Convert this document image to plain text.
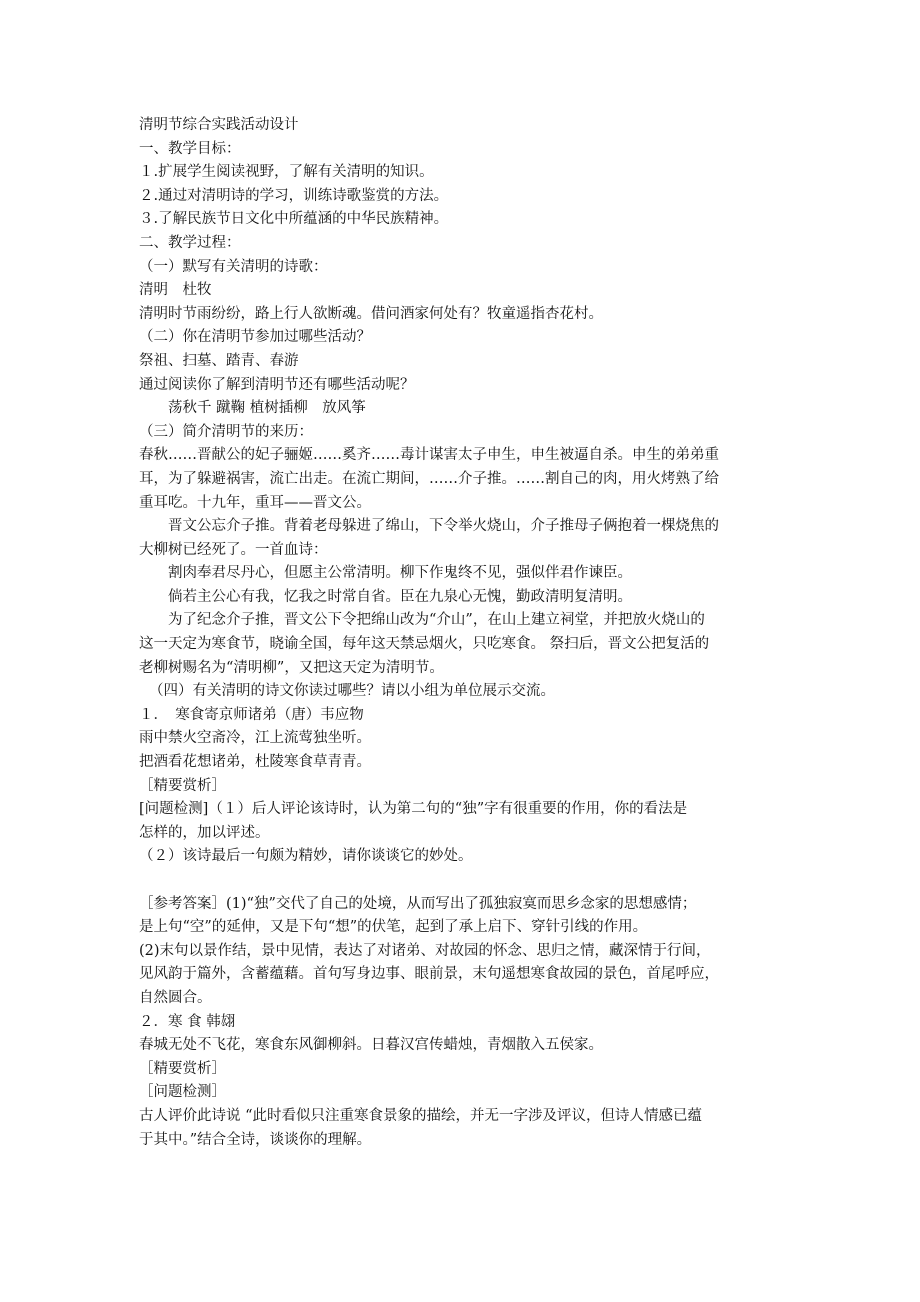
清明节综合实践活动设计
一、教学目标：
１.扩展学生阅读视野，了解有关清明的知识。
２.通过对清明诗的学习，训练诗歌鉴赏的方法。
３.了解民族节日文化中所蕴涵的中华民族精神。
二、教学过程：
（一）默写有关清明的诗歌：
清明　杜牧
清明时节雨纷纷，路上行人欲断魂。借问酒家何处有？牧童遥指杏花村。
（二）你在清明节参加过哪些活动？
祭祖、扫墓、踏青、春游
通过阅读你了解到清明节还有哪些活动呢？
荡秋千 蹴鞠 植树插柳　放风筝
（三）简介清明节的来历：
春秋……晋献公的妃子骊姬……奚齐……毒计谋害太子申生，申生被逼自杀。申生的弟弟重
耳，为了躲避祸害，流亡出走。在流亡期间，……介子推。……割自己的肉，用火烤熟了给
重耳吃。十九年，重耳——晋文公。
晋文公忘介子推。背着老母躲进了绵山，下令举火烧山，介子推母子俩抱着一棵烧焦的
大柳树已经死了。一首血诗：
割肉奉君尽丹心，但愿主公常清明。柳下作鬼终不见，强似伴君作谏臣。
倘若主公心有我，忆我之时常自省。臣在九泉心无愧，勤政清明复清明。
为了纪念介子推，晋文公下令把绵山改为“介山”，在山上建立祠堂，并把放火烧山的
这一天定为寒食节，晓谕全国，每年这天禁忌烟火，只吃寒食。 祭扫后，晋文公把复活的
老柳树赐名为“清明柳”，又把这天定为清明节。
（四）有关清明的诗文你读过哪些？请以小组为单位展示交流。
１．　寒食寄京师诸弟（唐）韦应物
雨中禁火空斋冷，江上流莺独坐听。
把酒看花想诸弟，杜陵寒食草青青。
［精要赏析］
[问题检测]（１）后人评论该诗时，认为第二句的“独”字有很重要的作用，你的看法是
怎样的，加以评述。
（２）该诗最后一句颇为精妙，请你谈谈它的妙处。
［参考答案］(1)“独”交代了自己的处境，从而写出了孤独寂寞而思乡念家的思想感情；
是上句“空”的延伸，又是下句“想”的伏笔，起到了承上启下、穿针引线的作用。
(2)末句以景作结，景中见情，表达了对诸弟、对故园的怀念、思归之情，藏深情于行间，
见风韵于篇外，含蓄蕴藉。首句写身边事、眼前景，末句遥想寒食故园的景色，首尾呼应，
自然圆合。
２．寒 食 韩翃
春城无处不飞花，寒食东风御柳斜。日暮汉宫传蜡烛，青烟散入五侯家。
［精要赏析］
［问题检测］
古人评价此诗说 “此时看似只注重寒食景象的描绘，并无一字涉及评议，但诗人情感已蕴
于其中。”结合全诗，谈谈你的理解。
